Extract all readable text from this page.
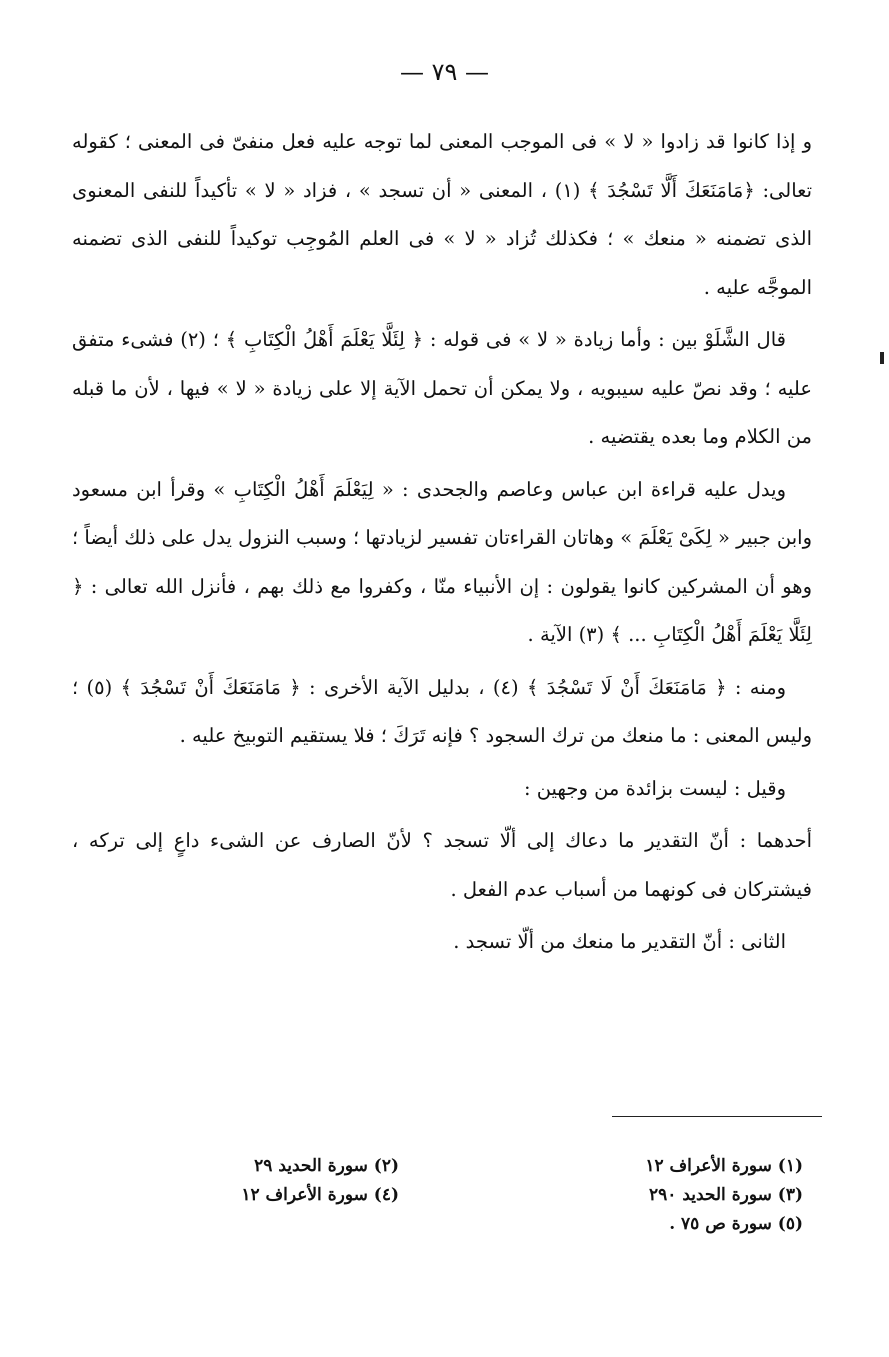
— ٧٩ —

و إذا كانوا قد زادوا « لا » فى الموجب المعنى لما توجه عليه فعل منفىّ فى المعنى ؛ كقوله تعالى: ﴿مَامَنَعَكَ أَلَّا تَسْجُدَ ﴾ (١) ، المعنى « أن تسجد » ، فزاد « لا » تأكيداً للنفى المعنوى الذى تضمنه « منعك » ؛ فكذلك تُزاد « لا » فى العلم المُوجِب توكيداً للنفى الذى تضمنه الموجَّه عليه .

قال الشَّلَوْ بين : وأما زيادة « لا » فى قوله : ﴿ لِئَلَّا يَعْلَمَ أَهْلُ الْكِتَابِ ﴾ ؛ (٢) فشىء متفق عليه ؛ وقد نصّ عليه سيبويه ، ولا يمكن أن تحمل الآية إلا على زيادة « لا » فيها ، لأن ما قبله من الكلام وما بعده يقتضيه .

ويدل عليه قراءة ابن عباس وعاصم والجحدى : « لِيَعْلَمَ أَهْلُ الْكِتَابِ » وقرأ ابن مسعود وابن جبير « لِكَىْ يَعْلَمَ » وهاتان القراءتان تفسير لزيادتها ؛ وسبب النزول يدل على ذلك أيضاً ؛ وهو أن المشركين كانوا يقولون : إن الأنبياء منّا ، وكفروا مع ذلك بهم ، فأنزل الله تعالى : ﴿ لِئَلَّا يَعْلَمَ أَهْلُ الْكِتَابِ ... ﴾ (٣) الآية .

ومنه : ﴿ مَامَنَعَكَ أَنْ لَا تَسْجُدَ ﴾ (٤) ، بدليل الآية الأخرى : ﴿ مَامَنَعَكَ أَنْ تَسْجُدَ ﴾ (٥) ؛ وليس المعنى : ما منعك من ترك السجود ؟ فإنه تَرَكَ ؛ فلا يستقيم التوبيخ عليه .

وقيل : ليست بزائدة من وجهين :

أحدهما : أنّ التقدير ما دعاك إلى ألّا تسجد ؟ لأنّ الصارف عن الشىء داعٍ إلى تركه ، فيشتركان فى كونهما من أسباب عدم الفعل .

الثانى : أنّ التقدير ما منعك من ألّا تسجد .

(١) سورة الأعراف ١٢
(٣) سورة الحديد ٢٩٠
(٥) سورة ص ٧٥ .
(٢) سورة الحديد ٢٩
(٤) سورة الأعراف ١٢
